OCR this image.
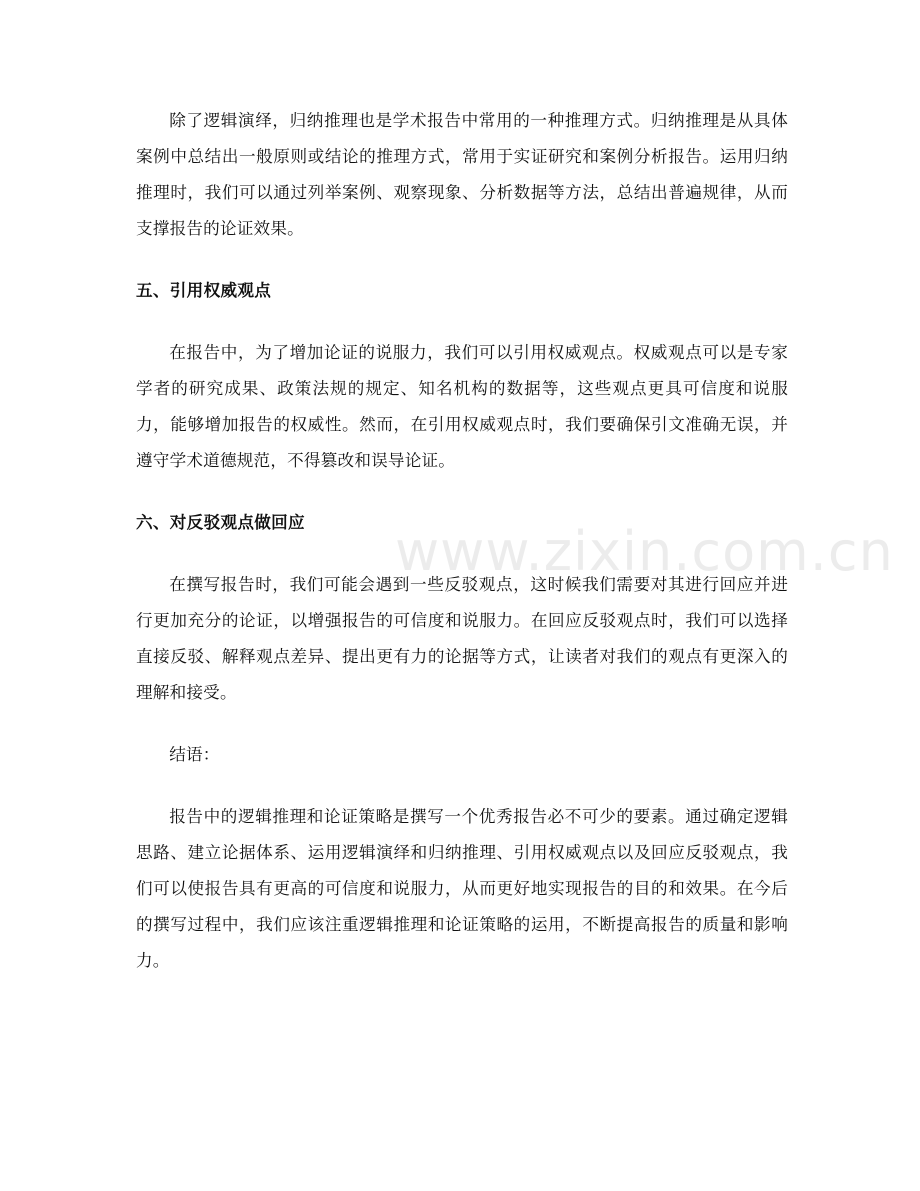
除了逻辑演绎，归纳推理也是学术报告中常用的一种推理方式。归纳推理是从具体案例中总结出一般原则或结论的推理方式，常用于实证研究和案例分析报告。运用归纳推理时，我们可以通过列举案例、观察现象、分析数据等方法，总结出普遍规律，从而支撑报告的论证效果。

五、引用权威观点

在报告中，为了增加论证的说服力，我们可以引用权威观点。权威观点可以是专家学者的研究成果、政策法规的规定、知名机构的数据等，这些观点更具可信度和说服力，能够增加报告的权威性。然而，在引用权威观点时，我们要确保引文准确无误，并遵守学术道德规范，不得篡改和误导论证。

六、对反驳观点做回应

在撰写报告时，我们可能会遇到一些反驳观点，这时候我们需要对其进行回应并进行更加充分的论证，以增强报告的可信度和说服力。在回应反驳观点时，我们可以选择直接反驳、解释观点差异、提出更有力的论据等方式，让读者对我们的观点有更深入的理解和接受。

结语：

报告中的逻辑推理和论证策略是撰写一个优秀报告必不可少的要素。通过确定逻辑思路、建立论据体系、运用逻辑演绎和归纳推理、引用权威观点以及回应反驳观点，我们可以使报告具有更高的可信度和说服力，从而更好地实现报告的目的和效果。在今后的撰写过程中，我们应该注重逻辑推理和论证策略的运用，不断提高报告的质量和影响力。

www.zixin.com.cn
